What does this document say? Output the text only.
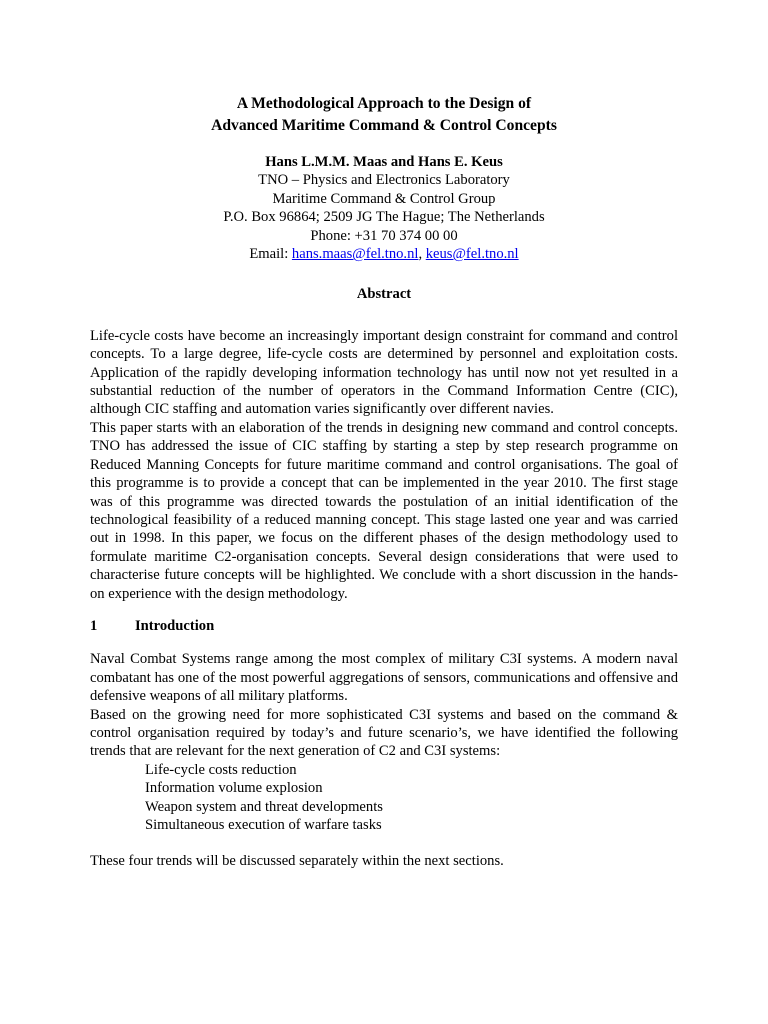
A Methodological Approach to the Design of
Advanced Maritime Command & Control Concepts
Hans L.M.M. Maas and Hans E. Keus
TNO – Physics and Electronics Laboratory
Maritime Command & Control Group
P.O. Box 96864; 2509 JG The Hague; The Netherlands
Phone: +31 70 374 00 00
Email: hans.maas@fel.tno.nl, keus@fel.tno.nl
Abstract

Life-cycle costs have become an increasingly important design constraint for command and control concepts. To a large degree, life-cycle costs are determined by personnel and exploitation costs. Application of the rapidly developing information technology has until now not yet resulted in a substantial reduction of the number of operators in the Command Information Centre (CIC), although CIC staffing and automation varies significantly over different navies.

This paper starts with an elaboration of the trends in designing new command and control concepts. TNO has addressed the issue of CIC staffing by starting a step by step research programme on Reduced Manning Concepts for future maritime command and control organisations. The goal of this programme is to provide a concept that can be implemented in the year 2010. The first stage was of this programme was directed towards the postulation of an initial identification of the technological feasibility of a reduced manning concept. This stage lasted one year and was carried out in 1998. In this paper, we focus on the different phases of the design methodology used to formulate maritime C2-organisation concepts. Several design considerations that were used to characterise future concepts will be highlighted. We conclude with a short discussion in the hands-on experience with the design methodology.

1	Introduction

Naval Combat Systems range among the most complex of military C3I systems. A modern naval combatant has one of the most powerful aggregations of sensors, communications and offensive and defensive weapons of all military platforms.

Based on the growing need for more sophisticated C3I systems and based on the command & control organisation required by today’s and future scenario’s, we have identified the following trends that are relevant for the next generation of C2 and C3I systems:

Life-cycle costs reduction
Information volume explosion
Weapon system and threat developments
Simultaneous execution of warfare tasks

These four trends will be discussed separately within the next sections.
